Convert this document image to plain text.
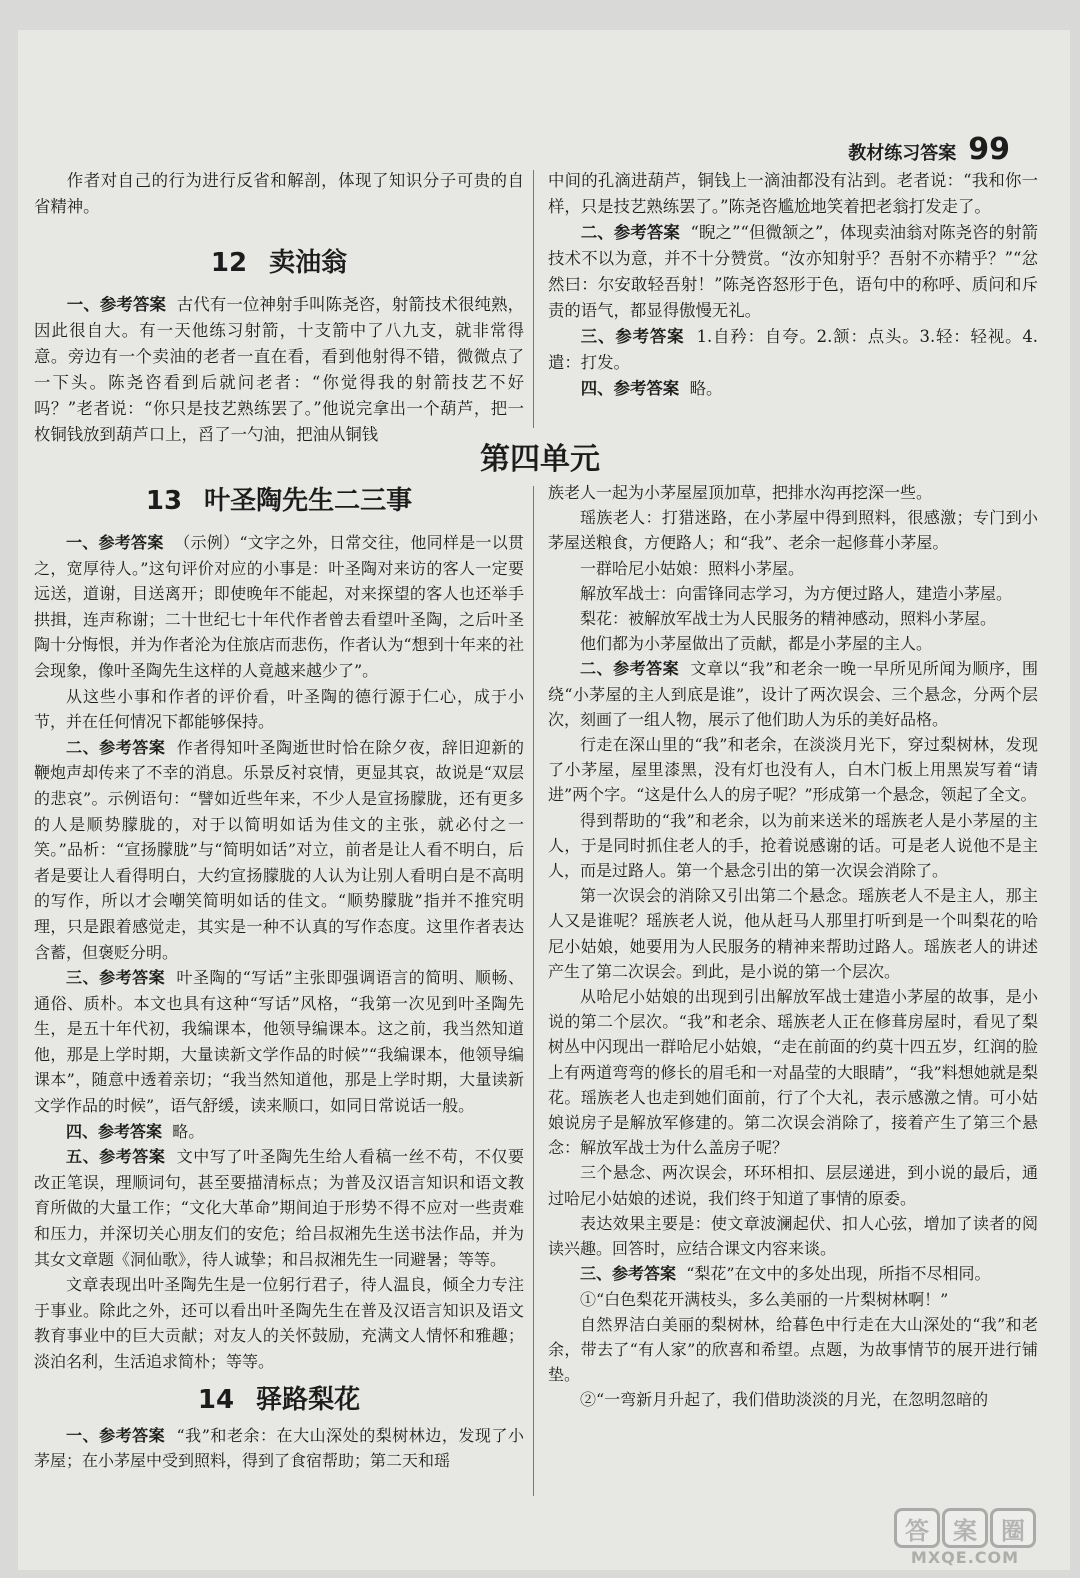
教材练习答案 99

作者对自己的行为进行反省和解剖，体现了知识分子可贵的自省精神。

12 卖油翁

一、参考答案 古代有一位神射手叫陈尧咨，射箭技术很纯熟，因此很自大。有一天他练习射箭，十支箭中了八九支，就非常得意。旁边有一个卖油的老者一直在看，看到他射得不错，微微点了一下头。陈尧咨看到后就问老者：“你觉得我的射箭技艺不好吗？”老者说：“你只是技艺熟练罢了。”他说完拿出一个葫芦，把一枚铜钱放到葫芦口上，舀了一勺油，把油从铜钱

中间的孔滴进葫芦，铜钱上一滴油都没有沾到。老者说：“我和你一样，只是技艺熟练罢了。”陈尧咨尴尬地笑着把老翁打发走了。

二、参考答案 “睨之”“但微颔之”，体现卖油翁对陈尧咨的射箭技术不以为意，并不十分赞赏。“汝亦知射乎？吾射不亦精乎？”“忿然曰：尔安敢轻吾射！”陈尧咨怒形于色，语句中的称呼、质问和斥责的语气，都显得傲慢无礼。

三、参考答案 1.自矜：自夸。2.颔：点头。3.轻：轻视。4.遣：打发。

四、参考答案 略。

第四单元
13 叶圣陶先生二三事

一、参考答案 （示例）“文字之外，日常交往，他同样是一以贯之，宽厚待人。”这句评价对应的小事是：叶圣陶对来访的客人一定要远送，道谢，目送离开；即使晚年不能起，对来探望的客人也还举手拱揖，连声称谢；二十世纪七十年代作者曾去看望叶圣陶，之后叶圣陶十分悔恨，并为作者沦为住旅店而悲伤，作者认为“想到十年来的社会现象，像叶圣陶先生这样的人竟越来越少了”。

从这些小事和作者的评价看，叶圣陶的德行源于仁心，成于小节，并在任何情况下都能够保持。

二、参考答案 作者得知叶圣陶逝世时恰在除夕夜，辞旧迎新的鞭炮声却传来了不幸的消息。乐景反衬哀情，更显其哀，故说是“双层的悲哀”。示例语句：“譬如近些年来，不少人是宣扬朦胧，还有更多的人是顺势朦胧的，对于以简明如话为佳文的主张，就必付之一笑。”品析：“宣扬朦胧”与“简明如话”对立，前者是让人看不明白，后者是要让人看得明白，大约宣扬朦胧的人认为让别人看明白是不高明的写作，所以才会嘲笑简明如话的佳文。“顺势朦胧”指并不推究明理，只是跟着感觉走，其实是一种不认真的写作态度。这里作者表达含蓄，但褒贬分明。

三、参考答案 叶圣陶的“写话”主张即强调语言的简明、顺畅、通俗、质朴。本文也具有这种“写话”风格，“我第一次见到叶圣陶先生，是五十年代初，我编课本，他领导编课本。这之前，我当然知道他，那是上学时期，大量读新文学作品的时候”“我编课本，他领导编课本”，随意中透着亲切；“我当然知道他，那是上学时期，大量读新文学作品的时候”，语气舒缓，读来顺口，如同日常说话一般。

四、参考答案 略。

五、参考答案 文中写了叶圣陶先生给人看稿一丝不苟，不仅要改正笔误，理顺词句，甚至要描清标点；为普及汉语言知识和语文教育所做的大量工作；“文化大革命”期间迫于形势不得不应对一些责难和压力，并深切关心朋友们的安危；给吕叔湘先生送书法作品，并为其女文章题《洞仙歌》，待人诚挚；和吕叔湘先生一同避暑；等等。

文章表现出叶圣陶先生是一位躬行君子，待人温良，倾全力专注于事业。除此之外，还可以看出叶圣陶先生在普及汉语言知识及语文教育事业中的巨大贡献；对友人的关怀鼓励，充满文人情怀和雅趣；淡泊名利，生活追求简朴；等等。

14 驿路梨花

一、参考答案 “我”和老余：在大山深处的梨树林边，发现了小茅屋；在小茅屋中受到照料，得到了食宿帮助；第二天和瑶

族老人一起为小茅屋屋顶加草，把排水沟再挖深一些。

瑶族老人：打猎迷路，在小茅屋中得到照料，很感激；专门到小茅屋送粮食，方便路人；和“我”、老余一起修葺小茅屋。

一群哈尼小姑娘：照料小茅屋。

解放军战士：向雷锋同志学习，为方便过路人，建造小茅屋。

梨花：被解放军战士为人民服务的精神感动，照料小茅屋。

他们都为小茅屋做出了贡献，都是小茅屋的主人。

二、参考答案 文章以“我”和老余一晚一早所见所闻为顺序，围绕“小茅屋的主人到底是谁”，设计了两次误会、三个悬念，分两个层次，刻画了一组人物，展示了他们助人为乐的美好品格。

行走在深山里的“我”和老余，在淡淡月光下，穿过梨树林，发现了小茅屋，屋里漆黑，没有灯也没有人，白木门板上用黑炭写着“请进”两个字。“这是什么人的房子呢？”形成第一个悬念，领起了全文。

得到帮助的“我”和老余，以为前来送米的瑶族老人是小茅屋的主人，于是同时抓住老人的手，抢着说感谢的话。可是老人说他不是主人，而是过路人。第一个悬念引出的第一次误会消除了。

第一次误会的消除又引出第二个悬念。瑶族老人不是主人，那主人又是谁呢？瑶族老人说，他从赶马人那里打听到是一个叫梨花的哈尼小姑娘，她要用为人民服务的精神来帮助过路人。瑶族老人的讲述产生了第二次误会。到此，是小说的第一个层次。

从哈尼小姑娘的出现到引出解放军战士建造小茅屋的故事，是小说的第二个层次。“我”和老余、瑶族老人正在修葺房屋时，看见了梨树丛中闪现出一群哈尼小姑娘，“走在前面的约莫十四五岁，红润的脸上有两道弯弯的修长的眉毛和一对晶莹的大眼睛”，“我”料想她就是梨花。瑶族老人也走到她们面前，行了个大礼，表示感激之情。可小姑娘说房子是解放军修建的。第二次误会消除了，接着产生了第三个悬念：解放军战士为什么盖房子呢？

三个悬念、两次误会，环环相扣、层层递进，到小说的最后，通过哈尼小姑娘的述说，我们终于知道了事情的原委。

表达效果主要是：使文章波澜起伏、扣人心弦，增加了读者的阅读兴趣。回答时，应结合课文内容来谈。

三、参考答案 “梨花”在文中的多处出现，所指不尽相同。

①“白色梨花开满枝头，多么美丽的一片梨树林啊！”

自然界洁白美丽的梨树林，给暮色中行走在大山深处的“我”和老余，带去了“有人家”的欣喜和希望。点题，为故事情节的展开进行铺垫。

②“一弯新月升起了，我们借助淡淡的月光，在忽明忽暗的

答	案	圈
MXQE.COM
